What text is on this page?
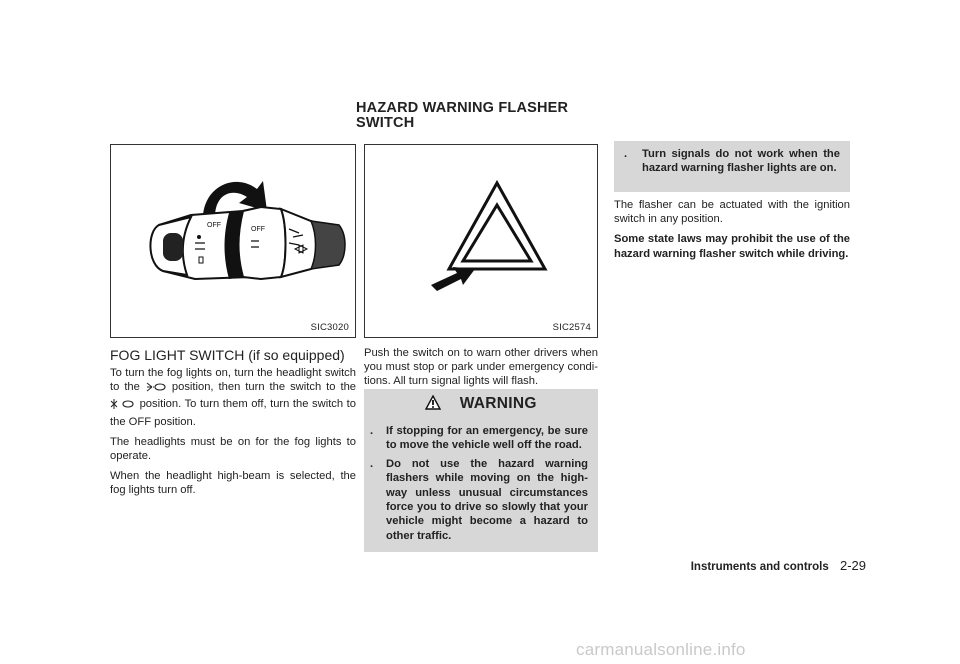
HAZARD WARNING FLASHER
SWITCH
OFF
OFF
SIC3020
FOG LIGHT SWITCH (if so equipped)

To turn the fog lights on, turn the headlight switch to the	position, then turn the switch to the  position. To turn them off, turn the switch to the OFF position.

The headlights must be on for the fog lights to operate.

When the headlight high-beam is selected, the fog lights turn off.

SIC2574
Push the switch on to warn other drivers when you must stop or park under emergency condi- tions. All turn signal lights will flash.
WARNING
.	If stopping for an emergency, be sure to move the vehicle well off the road.
.	Do not use the hazard warning flashers while moving on the high- way unless unusual circumstances force you to drive so slowly that your vehicle might become a hazard to other traffic.
.	Turn signals do not work when the hazard warning flasher lights are on.

The flasher can be actuated with the ignition switch in any position.

Some state laws may prohibit the use of the hazard warning flasher switch while driving.

Instruments and controls 2-29
carmanualsonline.info
